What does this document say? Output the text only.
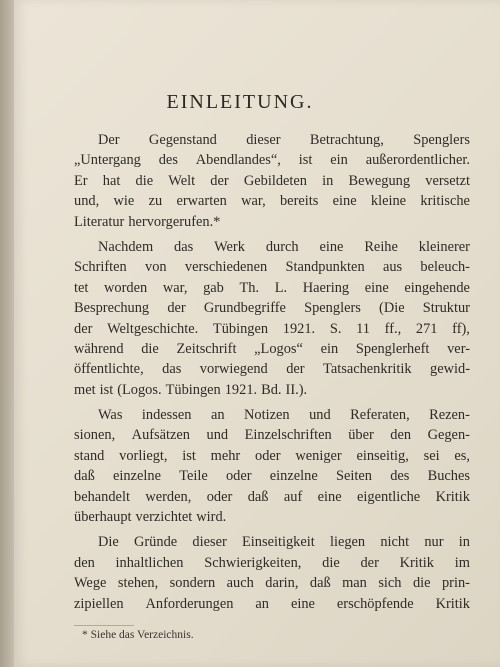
EINLEITUNG.
Der Gegenstand dieser Betrachtung, Spenglers
„Untergang des Abendlandes“, ist ein außerordentlicher.
Er hat die Welt der Gebildeten in Bewegung versetzt
und, wie zu erwarten war, bereits eine kleine kritische
Literatur hervorgerufen.*
Nachdem das Werk durch eine Reihe kleinerer
Schriften von verschiedenen Standpunkten aus beleuch-
tet worden war, gab Th. L. Haering eine eingehende
Besprechung der Grundbegriffe Spenglers (Die Struktur
der Weltgeschichte. Tübingen 1921. S. 11 ff., 271 ff),
während die Zeitschrift „Logos“ ein Spenglerheft ver-
öffentlichte, das vorwiegend der Tatsachenkritik gewid-
met ist (Logos. Tübingen 1921. Bd. II.).
Was indessen an Notizen und Referaten, Rezen-
sionen, Aufsätzen und Einzelschriften über den Gegen-
stand vorliegt, ist mehr oder weniger einseitig, sei es,
daß einzelne Teile oder einzelne Seiten des Buches
behandelt werden, oder daß auf eine eigentliche Kritik
überhaupt verzichtet wird.
Die Gründe dieser Einseitigkeit liegen nicht nur in
den inhaltlichen Schwierigkeiten, die der Kritik im
Wege stehen, sondern auch darin, daß man sich die prin-
zipiellen Anforderungen an eine erschöpfende Kritik
* Siehe das Verzeichnis.
